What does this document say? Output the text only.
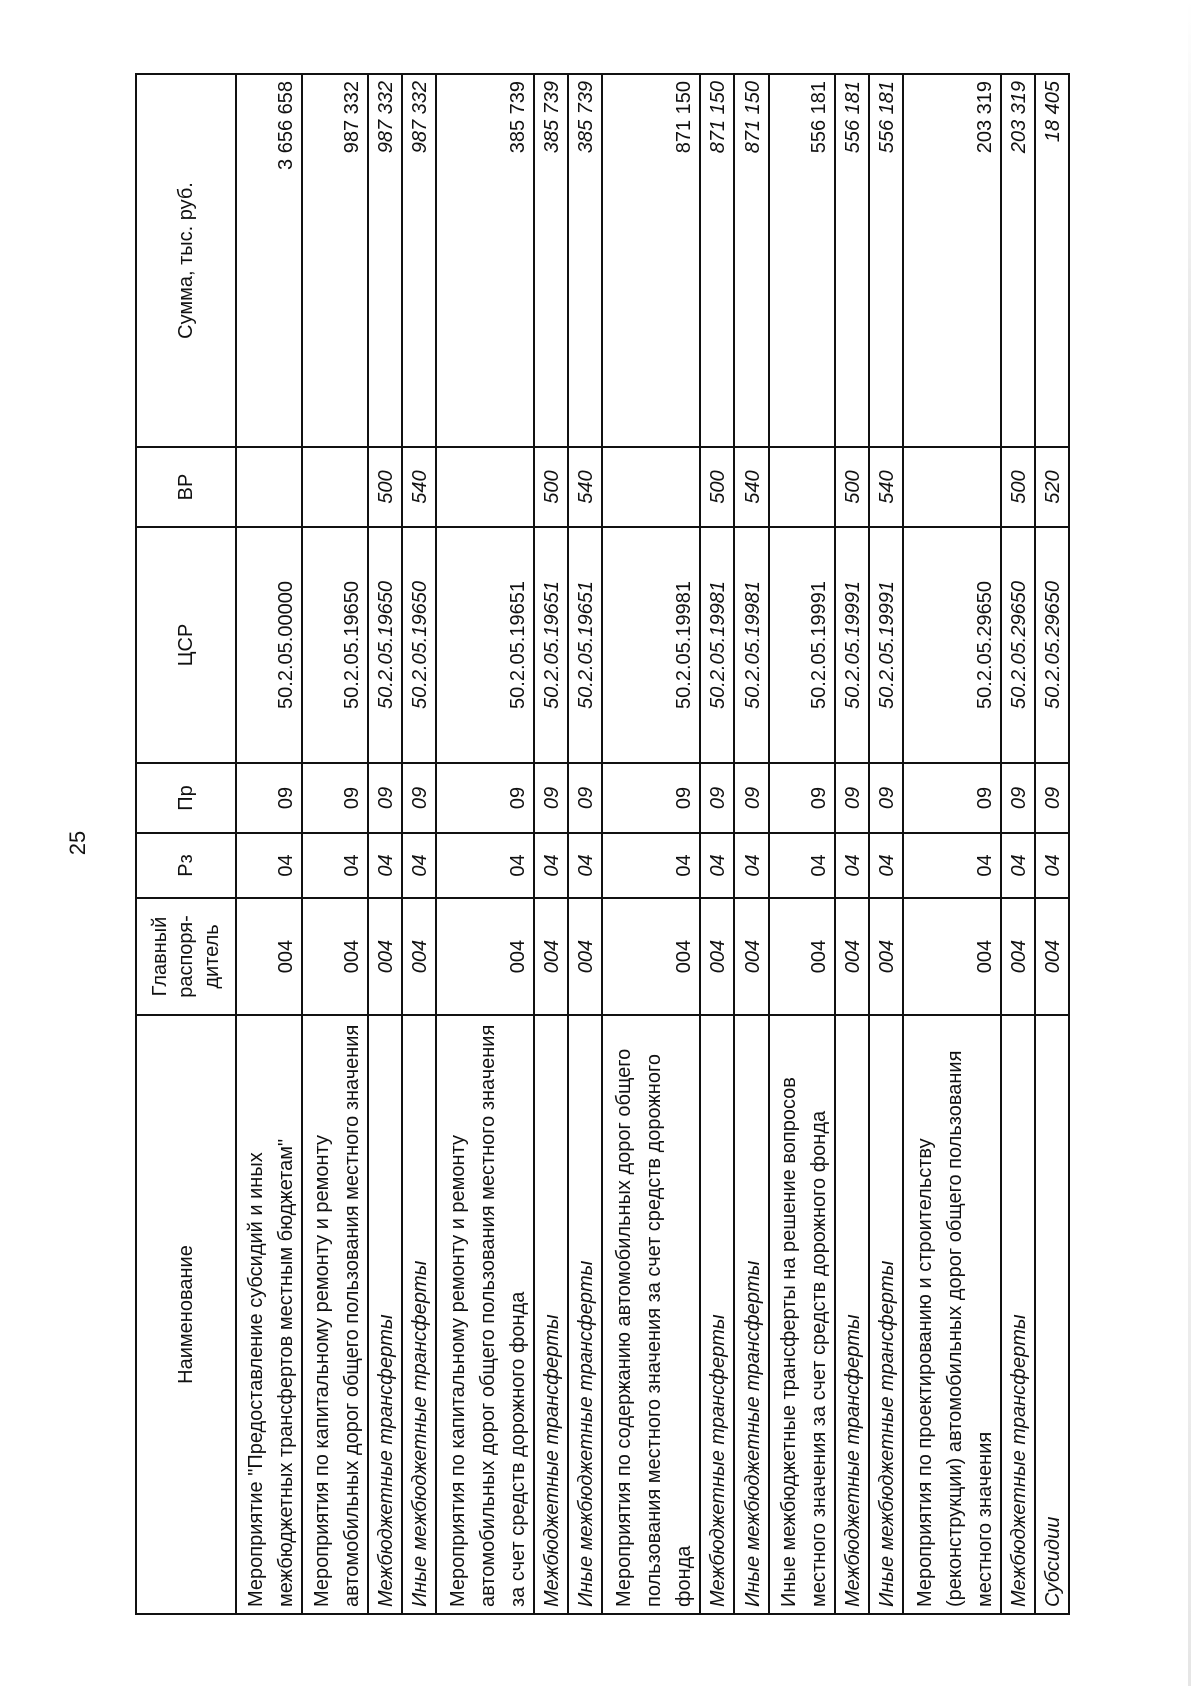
25
Наименование	Главный распоря-дитель	Рз	Пр	ЦСР	ВР	Сумма, тыс. руб.
Мероприятие "Предоставление субсидий и иных межбюджетных трансфертов местным бюджетам"	004	04	09	50.2.05.00000		3 656 658
Мероприятия по капитальному ремонту и ремонту автомобильных дорог общего пользования местного значения	004	04	09	50.2.05.19650		987 332
Межбюджетные трансферты	004	04	09	50.2.05.19650	500	987 332
Иные межбюджетные трансферты	004	04	09	50.2.05.19650	540	987 332
Мероприятия по капитальному ремонту и ремонту автомобильных дорог общего пользования местного значения за счет средств дорожного фонда	004	04	09	50.2.05.19651		385 739
Межбюджетные трансферты	004	04	09	50.2.05.19651	500	385 739
Иные межбюджетные трансферты	004	04	09	50.2.05.19651	540	385 739
Мероприятия по содержанию автомобильных дорог общего пользования местного значения за счет средств дорожного фонда	004	04	09	50.2.05.19981		871 150
Межбюджетные трансферты	004	04	09	50.2.05.19981	500	871 150
Иные межбюджетные трансферты	004	04	09	50.2.05.19981	540	871 150
Иные межбюджетные трансферты на решение вопросов местного значения за счет средств дорожного фонда	004	04	09	50.2.05.19991		556 181
Межбюджетные трансферты	004	04	09	50.2.05.19991	500	556 181
Иные межбюджетные трансферты	004	04	09	50.2.05.19991	540	556 181
Мероприятия по проектированию и строительству (реконструкции) автомобильных дорог общего пользования местного значения	004	04	09	50.2.05.29650		203 319
Межбюджетные трансферты	004	04	09	50.2.05.29650	500	203 319
Субсидии	004	04	09	50.2.05.29650	520	18 405
